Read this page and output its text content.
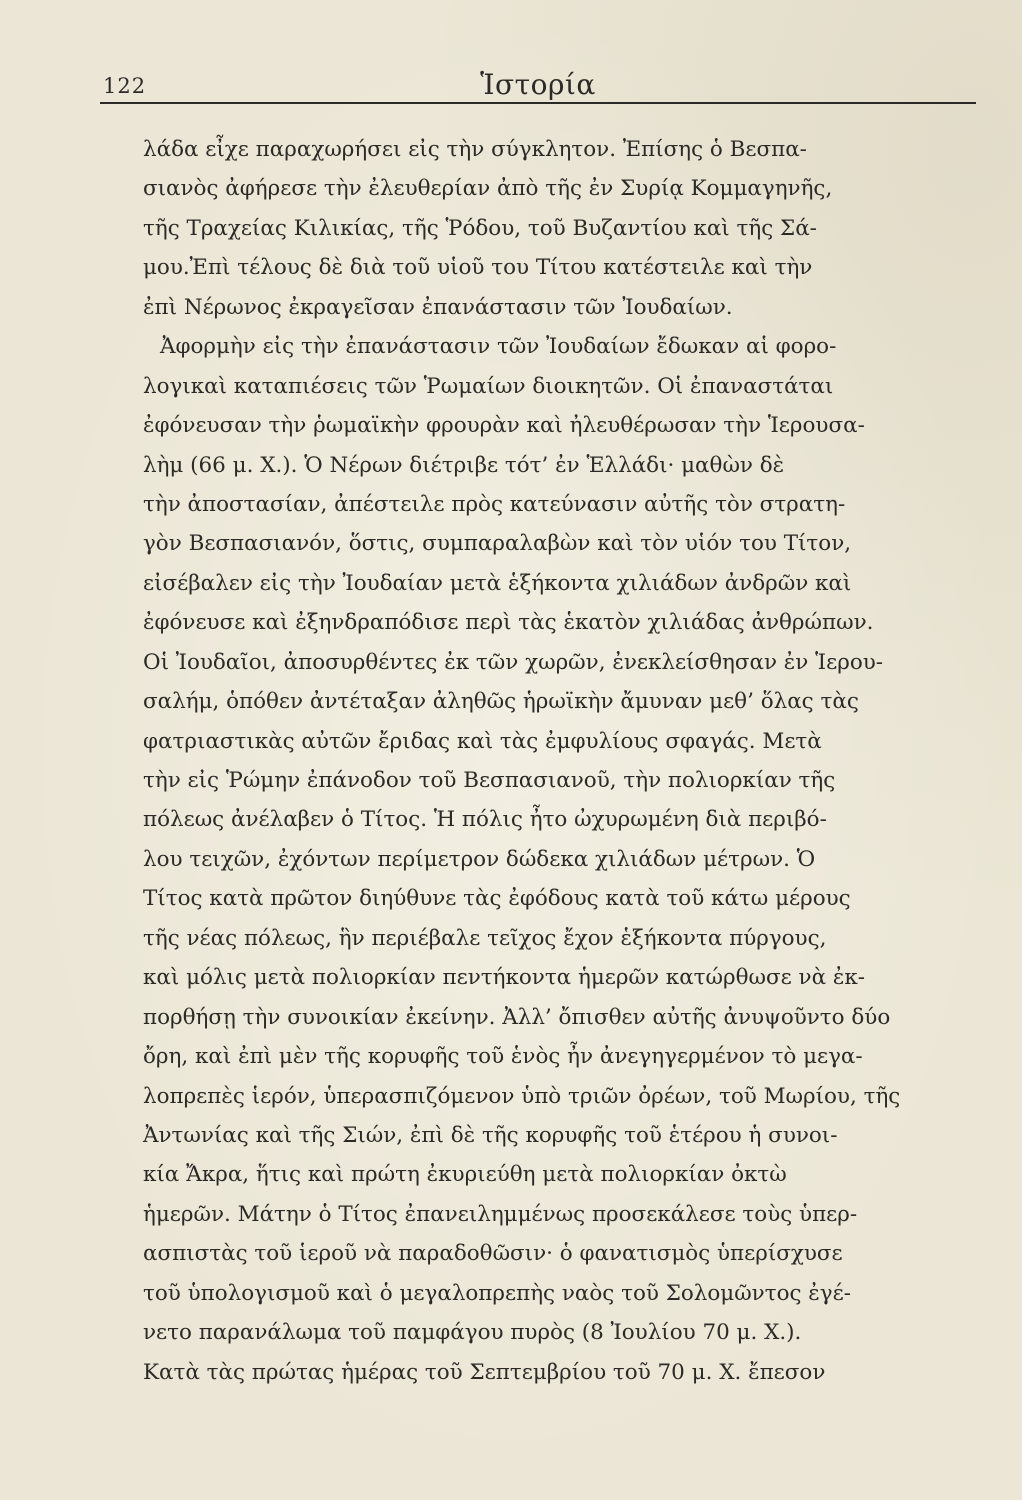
122	Ἱστορία
λάδα εἶχε παραχωρήσει εἰς τὴν σύγκλητον. Ἐπίσης ὁ Βεσπα-
σιανὸς ἀφήρεσε τὴν ἐλευθερίαν ἀπὸ τῆς ἐν Συρίᾳ Κομμαγηνῆς,
τῆς Τραχείας Κιλικίας, τῆς Ῥόδου, τοῦ Βυζαντίου καὶ τῆς Σά-
μου.Ἐπὶ τέλους δὲ διὰ τοῦ υἱοῦ του Τίτου κατέστειλε καὶ τὴν
ἐπὶ Νέρωνος ἐκραγεῖσαν ἐπανάστασιν τῶν Ἰουδαίων.
Ἀφορμὴν εἰς τὴν ἐπανάστασιν τῶν Ἰουδαίων ἔδωκαν αἱ φορο-
λογικαὶ καταπιέσεις τῶν Ῥωμαίων διοικητῶν. Οἱ ἐπαναστάται
ἐφόνευσαν τὴν ῥωμαϊκὴν φρουρὰν καὶ ἠλευθέρωσαν τὴν Ἱερουσα-
λὴμ (66 μ. Χ.). Ὁ Νέρων διέτριβε τότ’ ἐν Ἑλλάδι· μαθὼν δὲ
τὴν ἀποστασίαν, ἀπέστειλε πρὸς κατεύνασιν αὐτῆς τὸν στρατη-
γὸν Βεσπασιανόν, ὅστις, συμπαραλαβὼν καὶ τὸν υἱόν του Τίτον,
εἰσέβαλεν εἰς τὴν Ἰουδαίαν μετὰ ἑξήκοντα χιλιάδων ἀνδρῶν καὶ
ἐφόνευσε καὶ ἐξηνδραπόδισε περὶ τὰς ἑκατὸν χιλιάδας ἀνθρώπων.
Οἱ Ἰουδαῖοι, ἀποσυρθέντες ἐκ τῶν χωρῶν, ἐνεκλείσθησαν ἐν Ἱερου-
σαλήμ, ὁπόθεν ἀντέταξαν ἀληθῶς ἡρωϊκὴν ἄμυναν μεθ’ ὅλας τὰς
φατριαστικὰς αὐτῶν ἔριδας καὶ τὰς ἐμφυλίους σφαγάς. Μετὰ
τὴν εἰς Ῥώμην ἐπάνοδον τοῦ Βεσπασιανοῦ, τὴν πολιορκίαν τῆς
πόλεως ἀνέλαβεν ὁ Τίτος. Ἡ πόλις ἦτο ὠχυρωμένη διὰ περιβό-
λου τειχῶν, ἐχόντων περίμετρον δώδεκα χιλιάδων μέτρων. Ὁ
Τίτος κατὰ πρῶτον διηύθυνε τὰς ἐφόδους κατὰ τοῦ κάτω μέρους
τῆς νέας πόλεως, ἣν περιέβαλε τεῖχος ἔχον ἑξήκοντα πύργους,
καὶ μόλις μετὰ πολιορκίαν πεντήκοντα ἡμερῶν κατώρθωσε νὰ ἐκ-
πορθήσῃ τὴν συνοικίαν ἐκείνην. Ἀλλ’ ὄπισθεν αὐτῆς ἀνυψοῦντο δύο
ὄρη, καὶ ἐπὶ μὲν τῆς κορυφῆς τοῦ ἑνὸς ἦν ἀνεγηγερμένον τὸ μεγα-
λοπρεπὲς ἱερόν, ὑπερασπιζόμενον ὑπὸ τριῶν ὀρέων, τοῦ Μωρίου, τῆς
Ἀντωνίας καὶ τῆς Σιών, ἐπὶ δὲ τῆς κορυφῆς τοῦ ἑτέρου ἡ συνοι-
κία Ἄκρα, ἥτις καὶ πρώτη ἐκυριεύθη μετὰ πολιορκίαν ὀκτὼ
ἡμερῶν. Μάτην ὁ Τίτος ἐπανειλημμένως προσεκάλεσε τοὺς ὑπερ-
ασπιστὰς τοῦ ἱεροῦ νὰ παραδοθῶσιν· ὁ φανατισμὸς ὑπερίσχυσε
τοῦ ὑπολογισμοῦ καὶ ὁ μεγαλοπρεπὴς ναὸς τοῦ Σολομῶντος ἐγέ-
νετο παρανάλωμα τοῦ παμφάγου πυρὸς (8 Ἰουλίου 70 μ. Χ.).
Κατὰ τὰς πρώτας ἡμέρας τοῦ Σεπτεμβρίου τοῦ 70 μ. Χ. ἔπεσον
